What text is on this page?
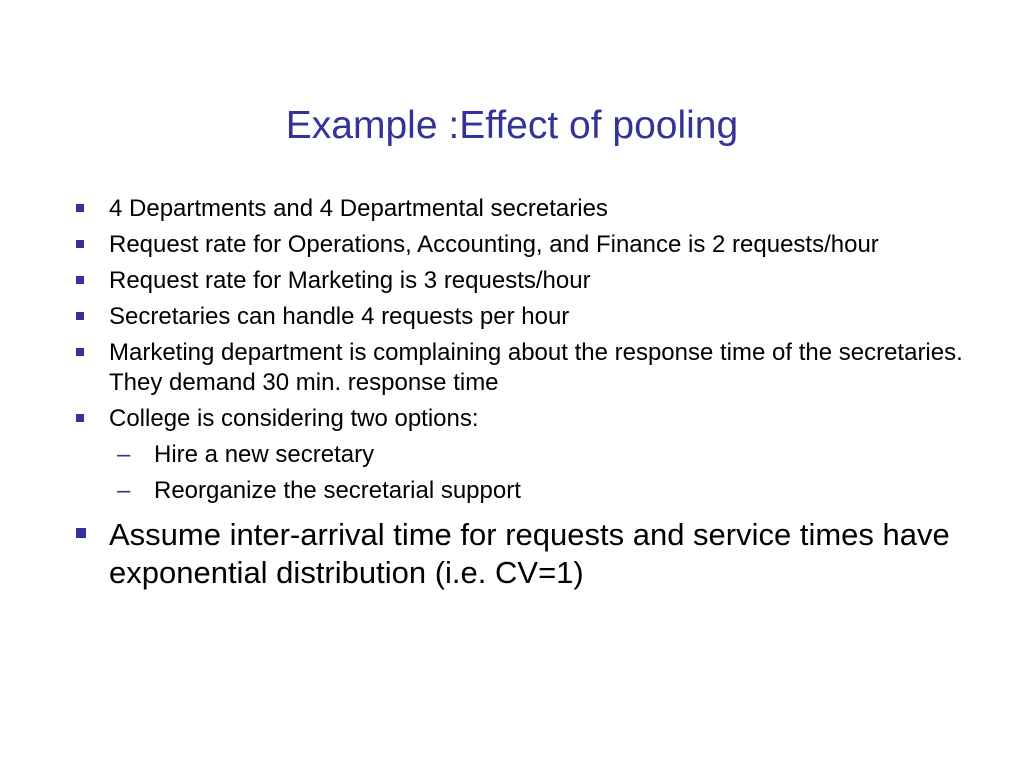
Example :Effect of pooling
4 Departments and 4 Departmental secretaries
Request rate for Operations, Accounting, and Finance is 2 requests/hour
Request rate for Marketing is 3 requests/hour
Secretaries can handle 4 requests per hour
Marketing department is complaining about the response time of the secretaries. They demand 30 min. response time
College is considering two options:
– Hire a new secretary
– Reorganize the secretarial support
Assume inter-arrival time for requests and service times have exponential distribution (i.e. CV=1)
